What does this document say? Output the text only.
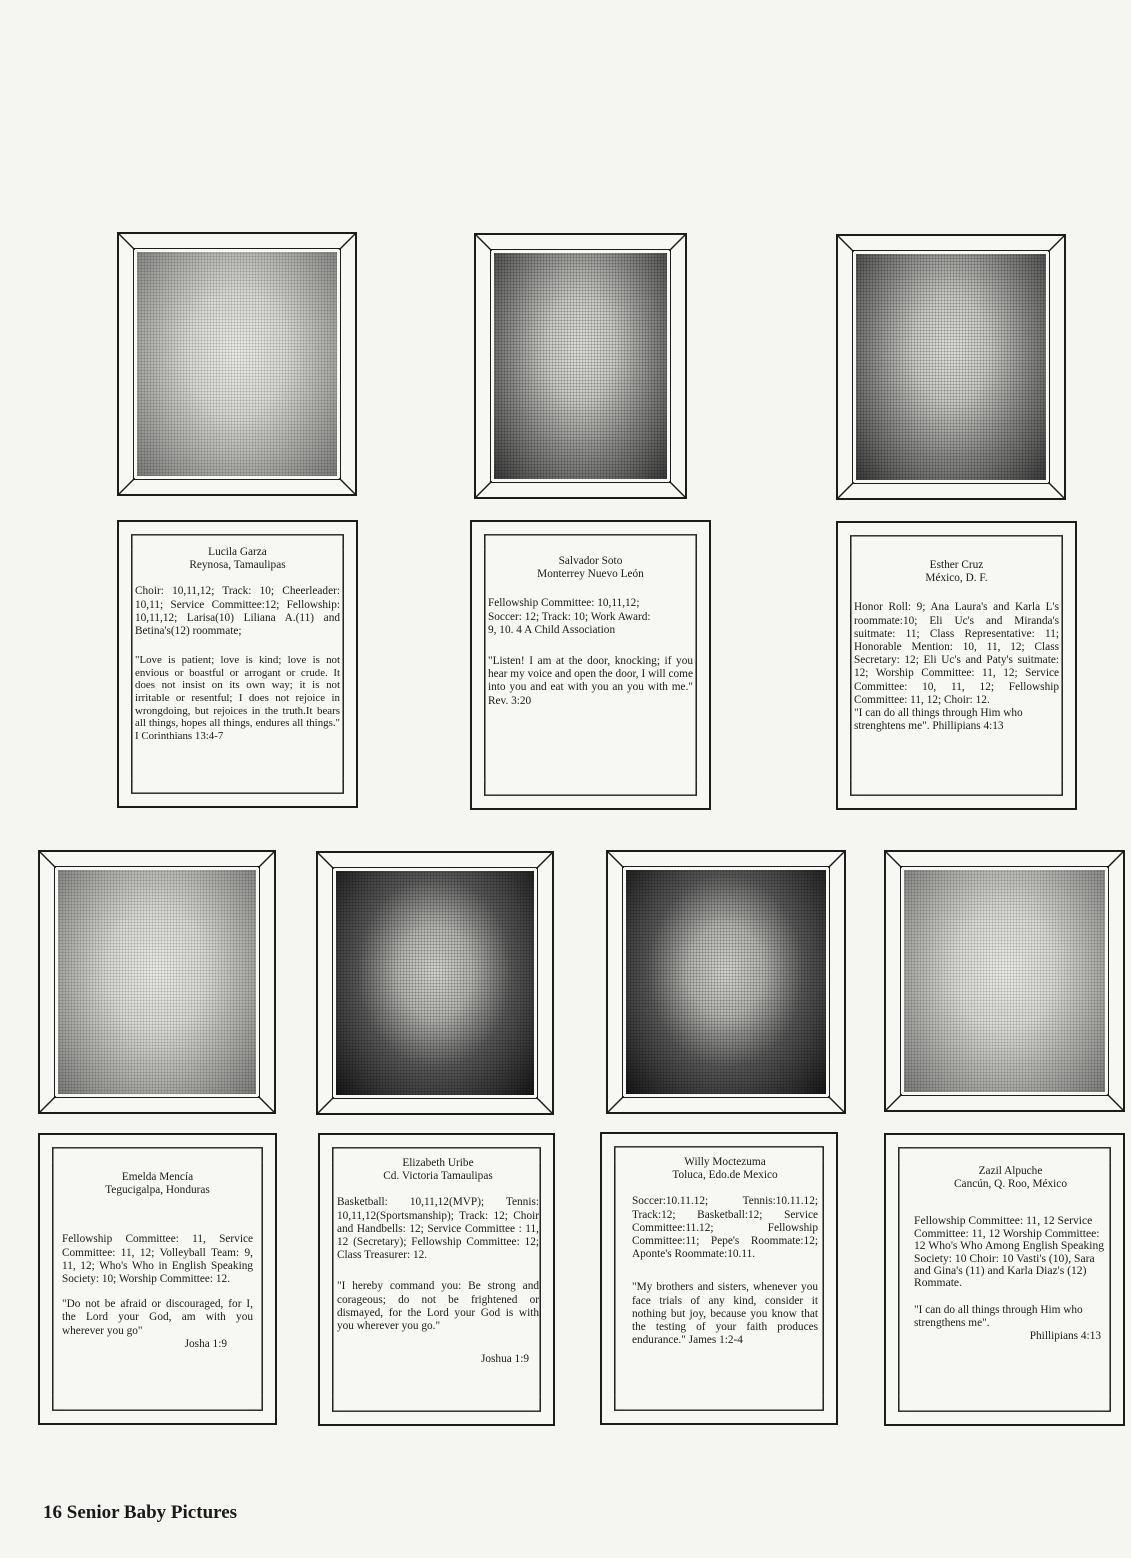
Lucila Garza

Reynosa, Tamaulipas

Choir: 10,11,12; Track: 10; Cheerleader: 10,11; Service Committee:12; Fellowship: 10,11,12; Larisa(10) Liliana A.(11) and Betina's(12) roommate;

"Love is patient; love is kind; love is not envious or boastful or arrogant or crude. It does not insist on its own way; it is not irritable or resentful; I does not rejoice in wrongdoing, but rejoices in the truth.It bears all things, hopes all things, endures all things." I Corinthians 13:4-7

Salvador Soto

Monterrey Nuevo León

Fellowship Committee: 10,11,12; Soccer: 12; Track: 10; Work Award: 9, 10. 4 A Child Association

"Listen! I am at the door, knocking; if you hear my voice and open the door, I will come into you and eat with you an you with me." Rev. 3:20

Esther Cruz

México, D. F.

Honor Roll: 9; Ana Laura's and Karla L's roommate:10; Eli Uc's and Miranda's suitmate: 11; Class Representative: 11; Honorable Mention: 10, 11, 12; Class Secretary: 12; Eli Uc's and Paty's suitmate: 12; Worship Committee: 11, 12; Service Committee: 10, 11, 12; Fellowship Committee: 11, 12; Choir: 12.

"I can do all things through Him who strenghtens me". Phillipians 4:13

Emelda Mencía

Tegucigalpa, Honduras

Fellowship Committee: 11, Service Committee: 11, 12; Volleyball Team: 9, 11, 12; Who's Who in English Speaking Society: 10; Worship Committee: 12.

"Do not be afraid or discouraged, for I, the Lord your God, am with you wherever you go"

Josha 1:9

Elizabeth Uribe

Cd. Victoria Tamaulipas

Basketball: 10,11,12(MVP); Tennis: 10,11,12(Sportsmanship); Track: 12; Choir and Handbells: 12; Service Committee : 11, 12 (Secretary); Fellowship Committee: 12; Class Treasurer: 12.

"I hereby command you: Be strong and corageous; do not be frightened or dismayed, for the Lord your God is with you wherever you go."

Joshua 1:9

Willy Moctezuma

Toluca, Edo.de Mexico

Soccer:10.11.12; Tennis:10.11.12; Track:12; Basketball:12; Service Committee:11.12; Fellowship Committee:11; Pepe's Roommate:12; Aponte's Roommate:10.11.

"My brothers and sisters, whenever you face trials of any kind, consider it nothing but joy, because you know that the testing of your faith produces endurance." James 1:2-4

Zazil Alpuche

Cancún, Q. Roo, México

Fellowship Committee: 11, 12 Service Committee: 11, 12 Worship Committee: 12 Who's Who Among English Speaking Society: 10 Choir: 10 Vasti's (10), Sara and Gina's (11) and Karla Diaz's (12) Rommate.

"I can do all things through Him who strengthens me".

Phillipians 4:13

16 Senior Baby Pictures
